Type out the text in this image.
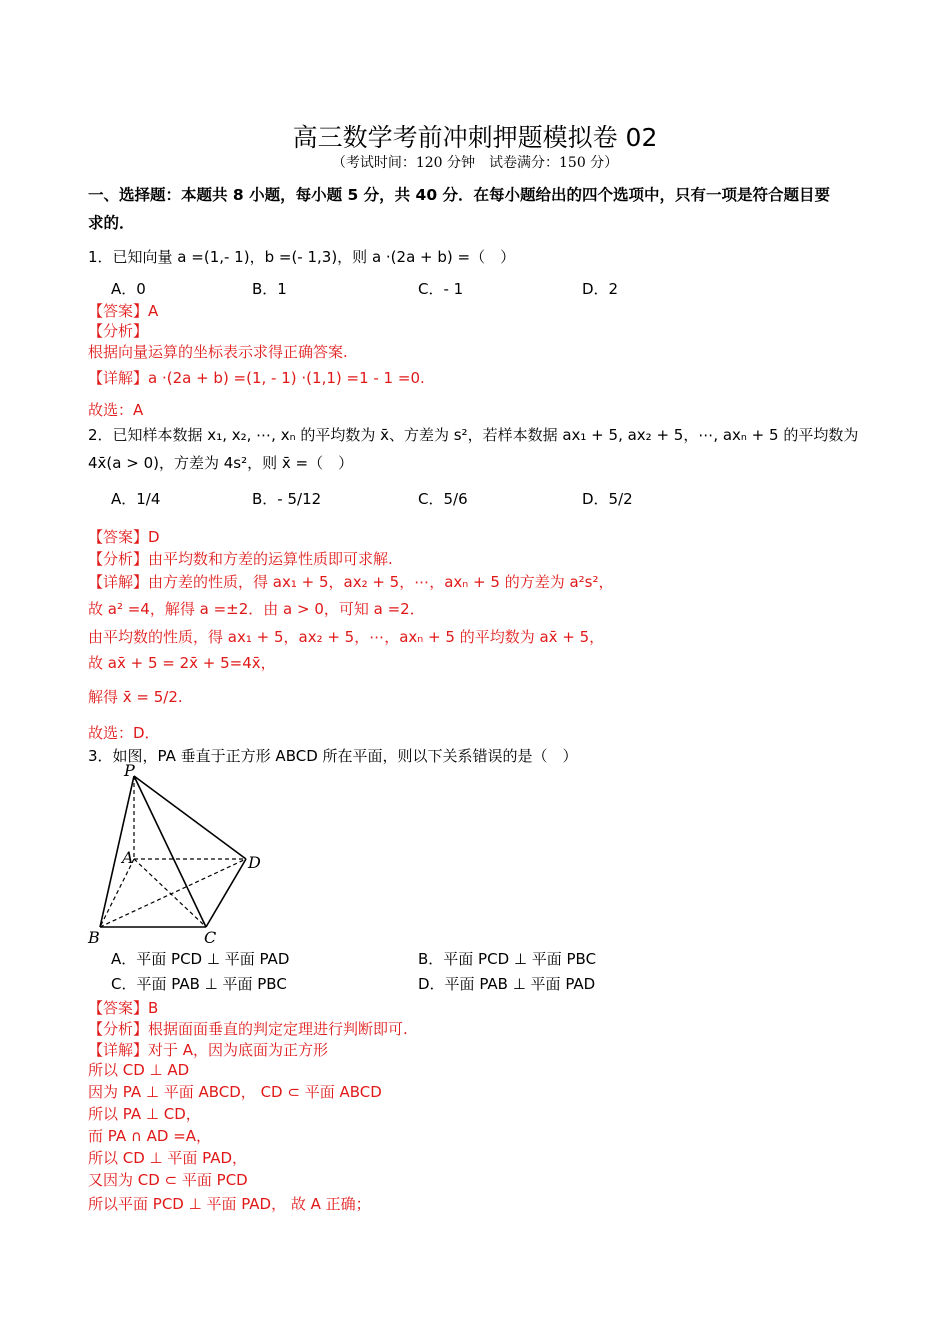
高三数学考前冲刺押题模拟卷 02
（考试时间：120 分钟　试卷满分：150 分）
一、选择题：本题共 8 小题，每小题 5 分，共 40 分．在每小题给出的四个选项中，只有一项是符合题目要
求的．
1．已知向量 a =(1,- 1)，b =(- 1,3)，则 a ·(2a + b) =（　）
A．0	B．1	C．- 1	D．2
【答案】A
【分析】
根据向量运算的坐标表示求得正确答案.
【详解】a ·(2a + b) =(1, - 1) ·(1,1) =1 - 1 =0.
故选：A
2．已知样本数据 x₁, x₂, ⋯, xₙ 的平均数为 x̄、方差为 s²，若样本数据 ax₁ + 5, ax₂ + 5，⋯, axₙ + 5 的平均数为
4x̄(a > 0)，方差为 4s²，则 x̄ =（　）
A．1/4	B．- 5/12	C．5/6	D．5/2
【答案】D
【分析】由平均数和方差的运算性质即可求解.
【详解】由方差的性质，得 ax₁ + 5，ax₂ + 5，⋯，axₙ + 5 的方差为 a²s²，
故 a² =4，解得 a =±2．由 a > 0，可知 a =2．
由平均数的性质，得 ax₁ + 5，ax₂ + 5，⋯，axₙ + 5 的平均数为 ax̄ + 5，
故 ax̄ + 5 = 2x̄ + 5=4x̄，
解得 x̄ = 5/2.
故选：D．
3．如图，PA 垂直于正方形 ABCD 所在平面，则以下关系错误的是（　）
P
A
B	C
D
A．平面 PCD ⊥ 平面 PAD	B．平面 PCD ⊥ 平面 PBC
C．平面 PAB ⊥ 平面 PBC	D．平面 PAB ⊥ 平面 PAD
【答案】B
【分析】根据面面垂直的判定定理进行判断即可.
【详解】对于 A，因为底面为正方形
所以 CD ⊥ AD
因为 PA ⊥ 平面 ABCD， CD ⊂ 平面 ABCD
所以 PA ⊥ CD，
而 PA ∩ AD =A，
所以 CD ⊥ 平面 PAD，
又因为 CD ⊂ 平面 PCD
所以平面 PCD ⊥ 平面 PAD， 故 A 正确；
